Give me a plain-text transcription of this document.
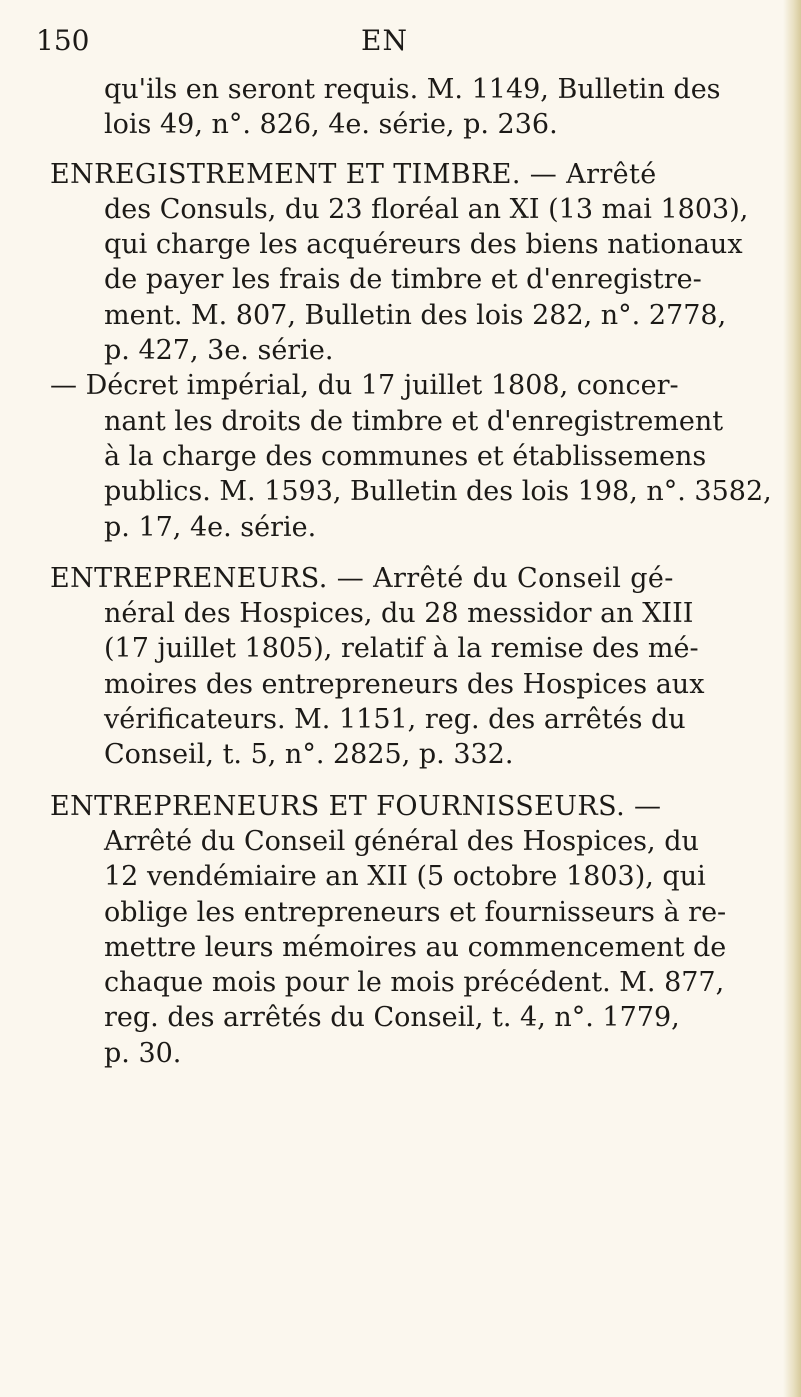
150	EN
qu'ils en seront requis. M. 1149, Bulletin des
lois 49, n°. 826, 4e. série, p. 236.
ENREGISTREMENT ET TIMBRE. — Arrêté
des Consuls, du 23 floréal an XI (13 mai 1803),
qui charge les acquéreurs des biens nationaux
de payer les frais de timbre et d'enregistre-
ment. M. 807, Bulletin des lois 282, n°. 2778,
p. 427, 3e. série.
— Décret impérial, du 17 juillet 1808, concer-
nant les droits de timbre et d'enregistrement
à la charge des communes et établissemens
publics. M. 1593, Bulletin des lois 198, n°. 3582,
p. 17, 4e. série.
ENTREPRENEURS. — Arrêté du Conseil gé-
néral des Hospices, du 28 messidor an XIII
(17 juillet 1805), relatif à la remise des mé-
moires des entrepreneurs des Hospices aux
vérificateurs. M. 1151, reg. des arrêtés du
Conseil, t. 5, n°. 2825, p. 332.
ENTREPRENEURS ET FOURNISSEURS. —
Arrêté du Conseil général des Hospices, du
12 vendémiaire an XII (5 octobre 1803), qui
oblige les entrepreneurs et fournisseurs à re-
mettre leurs mémoires au commencement de
chaque mois pour le mois précédent. M. 877,
reg. des arrêtés du Conseil, t. 4, n°. 1779,
p. 30.
